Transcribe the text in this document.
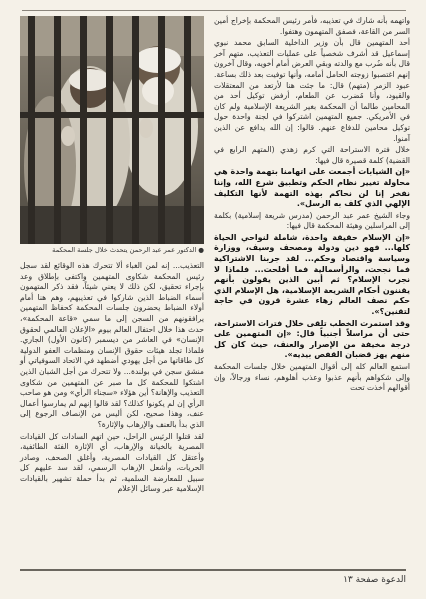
● الدكتور عمر عبد الرحمن يتحدث خلال جلسة المحكمة

واتهمه بأنه شارك في تعذيبه، فأمر رئيس المحكمة بإخراج أمين السر من القاعة، فصفق المتهمون وهتفوا.

أحد المتهمين قال بأن وزير الداخلية السابق محمد نبوي إسماعيل قد أشرف شخصياً على عمليات التعذيب، متهم آخر قال بأنه ضُرب مع والدته وبقي العرض أمام أخويه، وقال آخرون إنهم اغتصبوا زوجته الحامل أمامه، وأنها توفيت بعد ذلك بساعة. عبود الزمر (متهم) قال: ما جئت هنا لأرتعد من المعتقلات والقيود، وأنا مُضرب عن الطعام، أرفض توكيل أحد من المحامين طالما أن المحكمة بغير الشريعة الإسلامية ولم كان في الأمريكي. جميع المتهمين اشتركوا في لجنة واحدة حول توكيل محامين للدفاع عنهم. قالوا: إن الله يدافع عن الذين آمنوا.

خلال فترة الاستراحة التي كرم زهدي (المتهم الرابع في القضية) كلمة قصيرة قال فيها:

«إن الشيابات أجمعت على اتهامنا بتهمة واحدة هي محاولة تغيير نظام الحكم وتطبيق شرع الله، وإننا نفخر إنا لن نحاكم بهذه التهمة لأنها التكليف الإلهي الذي كلف به الرسل».

وجاء الشيخ عمر عبد الرحمن (مدرس شريعة إسلامية) بكلمة إلى المراسلين وهيئة المحكمة قال فيها:

«إن الإسلام حقيقة واحدة، شاملة لنواحي الحياة كلها... فهو دين ودولة ومصحف وسيف، ووزارة وسياسة واقتصاد وحكم... لقد جربنا الاشتراكية فما نجحت، والرأسمالية فما أفلحت... فلماذا لا نجرب الإسلام؟ ثم أبين الذين يقولون بأنهم يقننون أحكام الشريعة الإسلامية، هل الإسلام الذي حكم نصف العالم زهاء عشرة قرون في حاجة لتقنين؟».

وقد استمرت الخطب تلقى خلال فترات الاستراحة، حتى أن مراسلاً أجنبياً قال: «إن المتهمين على درجة مخيفة من الإصرار والعنف، حيث كان كل منهم يهز قضبان القفص بيديه».

استمع العالم كله إلى أقوال المتهمين خلال جلسات المحكمة وإلى شكواهم بأنهم عذبوا وعذب أهلوهم، نساء ورجالاً، وإن أقوالهم أخذت تحت

التعذيب... إنه لمن الغباء ألا تتحرك هذه الوقائع لقد سجل رئيس المحكمة شكاوى المتهمين واكتفى بإطلاق وعد بإجراء تحقيق، لكن ذلك لا يعني شيئاً، فقد ذكر المتهمون أسماء الضباط الذين شاركوا في تعذيبهم، وهم هنا أمام أولاء الضباط يحضرون جلسات المحكمة كحفاظ المتهمين يرافقونهم من السجن إلى ما سمي «قاعة المحكمة»، حدث هذا خلال احتفال العالم بيوم «الإعلان العالمي لحقوق الإنسان» في العاشر من ديسمبر (كانون الأول) الجاري. فلماذا تجلد هيئات حقوق الإنسان ومنظمات العفو الدولية كل طاقاتها من أجل يهودي أضطهد في الاتحاد السوفياتي أو منشق سجن في بولندة... ولا تتحرك من أجل الشبان الذين اشتكوا للمحكمة كل ما صبر عن المتهمين من شكاوى التعذيب والإهانة؟ أين هؤلاء «سجناء الرأي» ومن هو صاحب الرأي إن لم يكونوا كذلك؟ لقد قالوا إنهم لم يمارسوا أعمال عنف، وهذا صحيح، لكن أليس من الإنصاف الرجوع إلى الذي بدأ بالعنف والإرهاب والإثارة؟

لقد قتلوا الرئيس الراحل، حين اتهم السادات كل القيادات المصرية بالخيانة والإرهاب، أي الإثارة الفئة الطائفية، وأعتقل كل القيادات المصرية، وأغلق الصحف، وصادر الحريات، وأشعل الإرهاب الرسمي، لقد سد عليهم كل سبيل للمعارضة السلمية، ثم بدأ حملة تشهير بالقيادات الإسلامية عبر وسائل الإعلام

الدعوة صفحة ١٣
